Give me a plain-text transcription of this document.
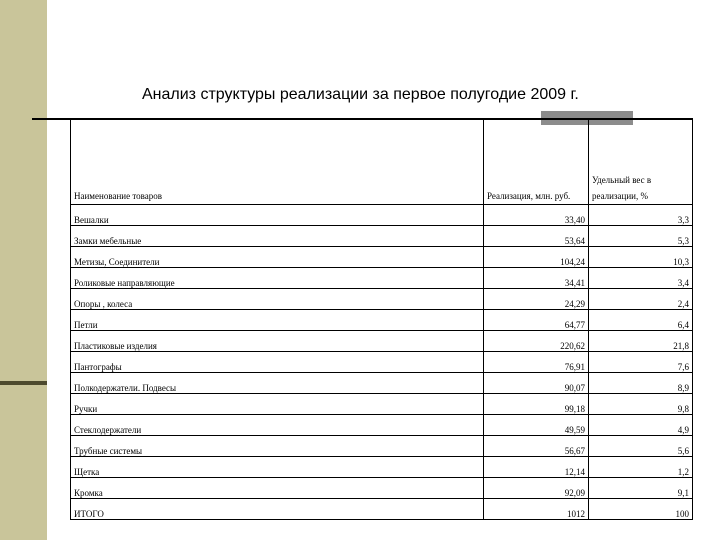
Анализ структуры реализации за первое полугодие 2009 г.
Наименование товаров	Реализация, млн. руб.	Удельный вес в
реализации, %

Вешалки	33,40	3,3
Замки мебельные	53,64	5,3
Метизы, Соединители	104,24	10,3
Роликовые направляющие	34,41	3,4
Опоры , колеса	24,29	2,4
Петли	64,77	6,4
Пластиковые изделия	220,62	21,8
Пантографы	76,91	7,6
Полкодержатели. Подвесы	90,07	8,9
Ручки	99,18	9,8
Стеклодержатели	49,59	4,9
Трубные системы	56,67	5,6
Щетка	12,14	1,2
Кромка	92,09	9,1
ИТОГО	1012	100
